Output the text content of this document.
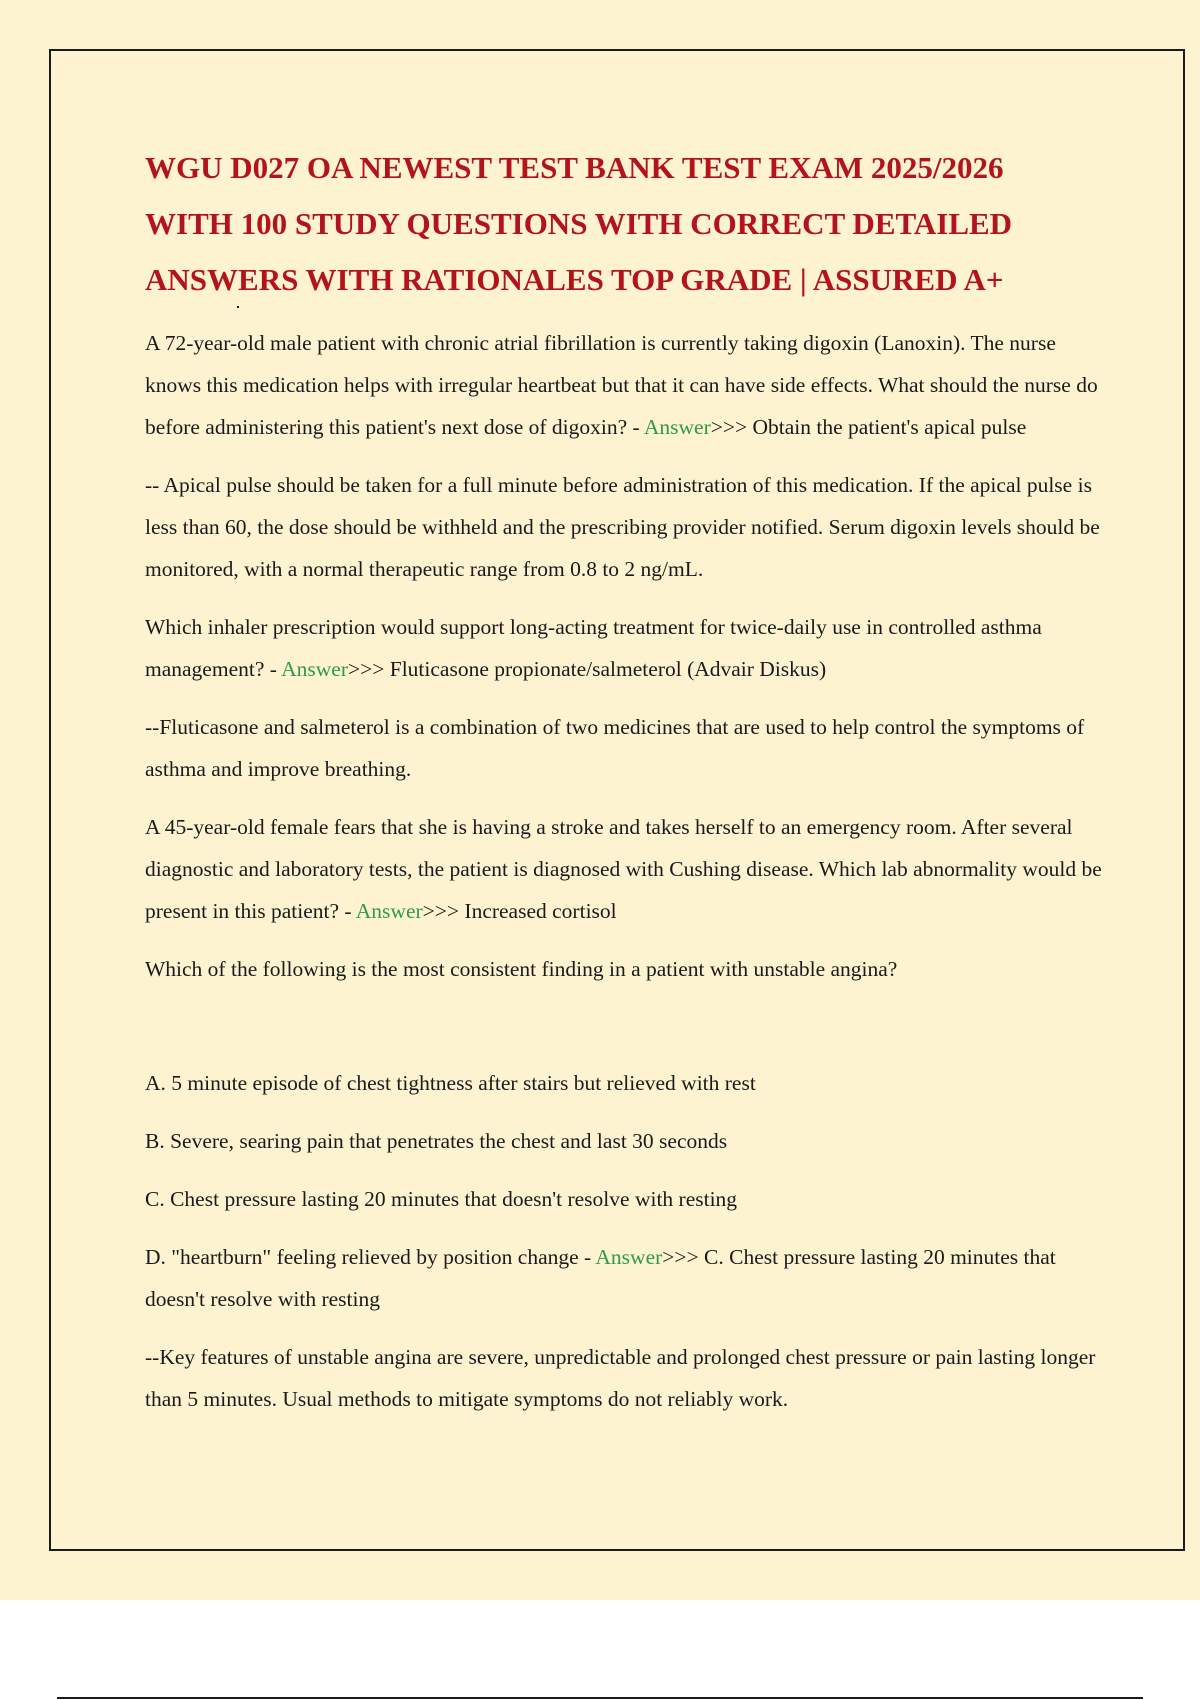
WGU D027 OA NEWEST TEST BANK TEST EXAM 2025/2026
WITH 100 STUDY QUESTIONS WITH CORRECT DETAILED
ANSWERS WITH RATIONALES TOP GRADE | ASSURED A+

A 72-year-old male patient with chronic atrial fibrillation is currently taking digoxin (Lanoxin). The nurse knows this medication helps with irregular heartbeat but that it can have side effects. What should the nurse do before administering this patient's next dose of digoxin? - Answer>>> Obtain the patient's apical pulse

-- Apical pulse should be taken for a full minute before administration of this medication. If the apical pulse is less than 60, the dose should be withheld and the prescribing provider notified. Serum digoxin levels should be monitored, with a normal therapeutic range from 0.8 to 2 ng/mL.

Which inhaler prescription would support long-acting treatment for twice-daily use in controlled asthma management? - Answer>>> Fluticasone propionate/salmeterol (Advair Diskus)

--Fluticasone and salmeterol is a combination of two medicines that are used to help control the symptoms of asthma and improve breathing.

A 45-year-old female fears that she is having a stroke and takes herself to an emergency room. After several diagnostic and laboratory tests, the patient is diagnosed with Cushing disease. Which lab abnormality would be present in this patient? - Answer>>> Increased cortisol

Which of the following is the most consistent finding in a patient with unstable angina?

A. 5 minute episode of chest tightness after stairs but relieved with rest

B. Severe, searing pain that penetrates the chest and last 30 seconds

C. Chest pressure lasting 20 minutes that doesn't resolve with resting

D. "heartburn" feeling relieved by position change - Answer>>> C. Chest pressure lasting 20 minutes that doesn't resolve with resting

--Key features of unstable angina are severe, unpredictable and prolonged chest pressure or pain lasting longer than 5 minutes. Usual methods to mitigate symptoms do not reliably work.
